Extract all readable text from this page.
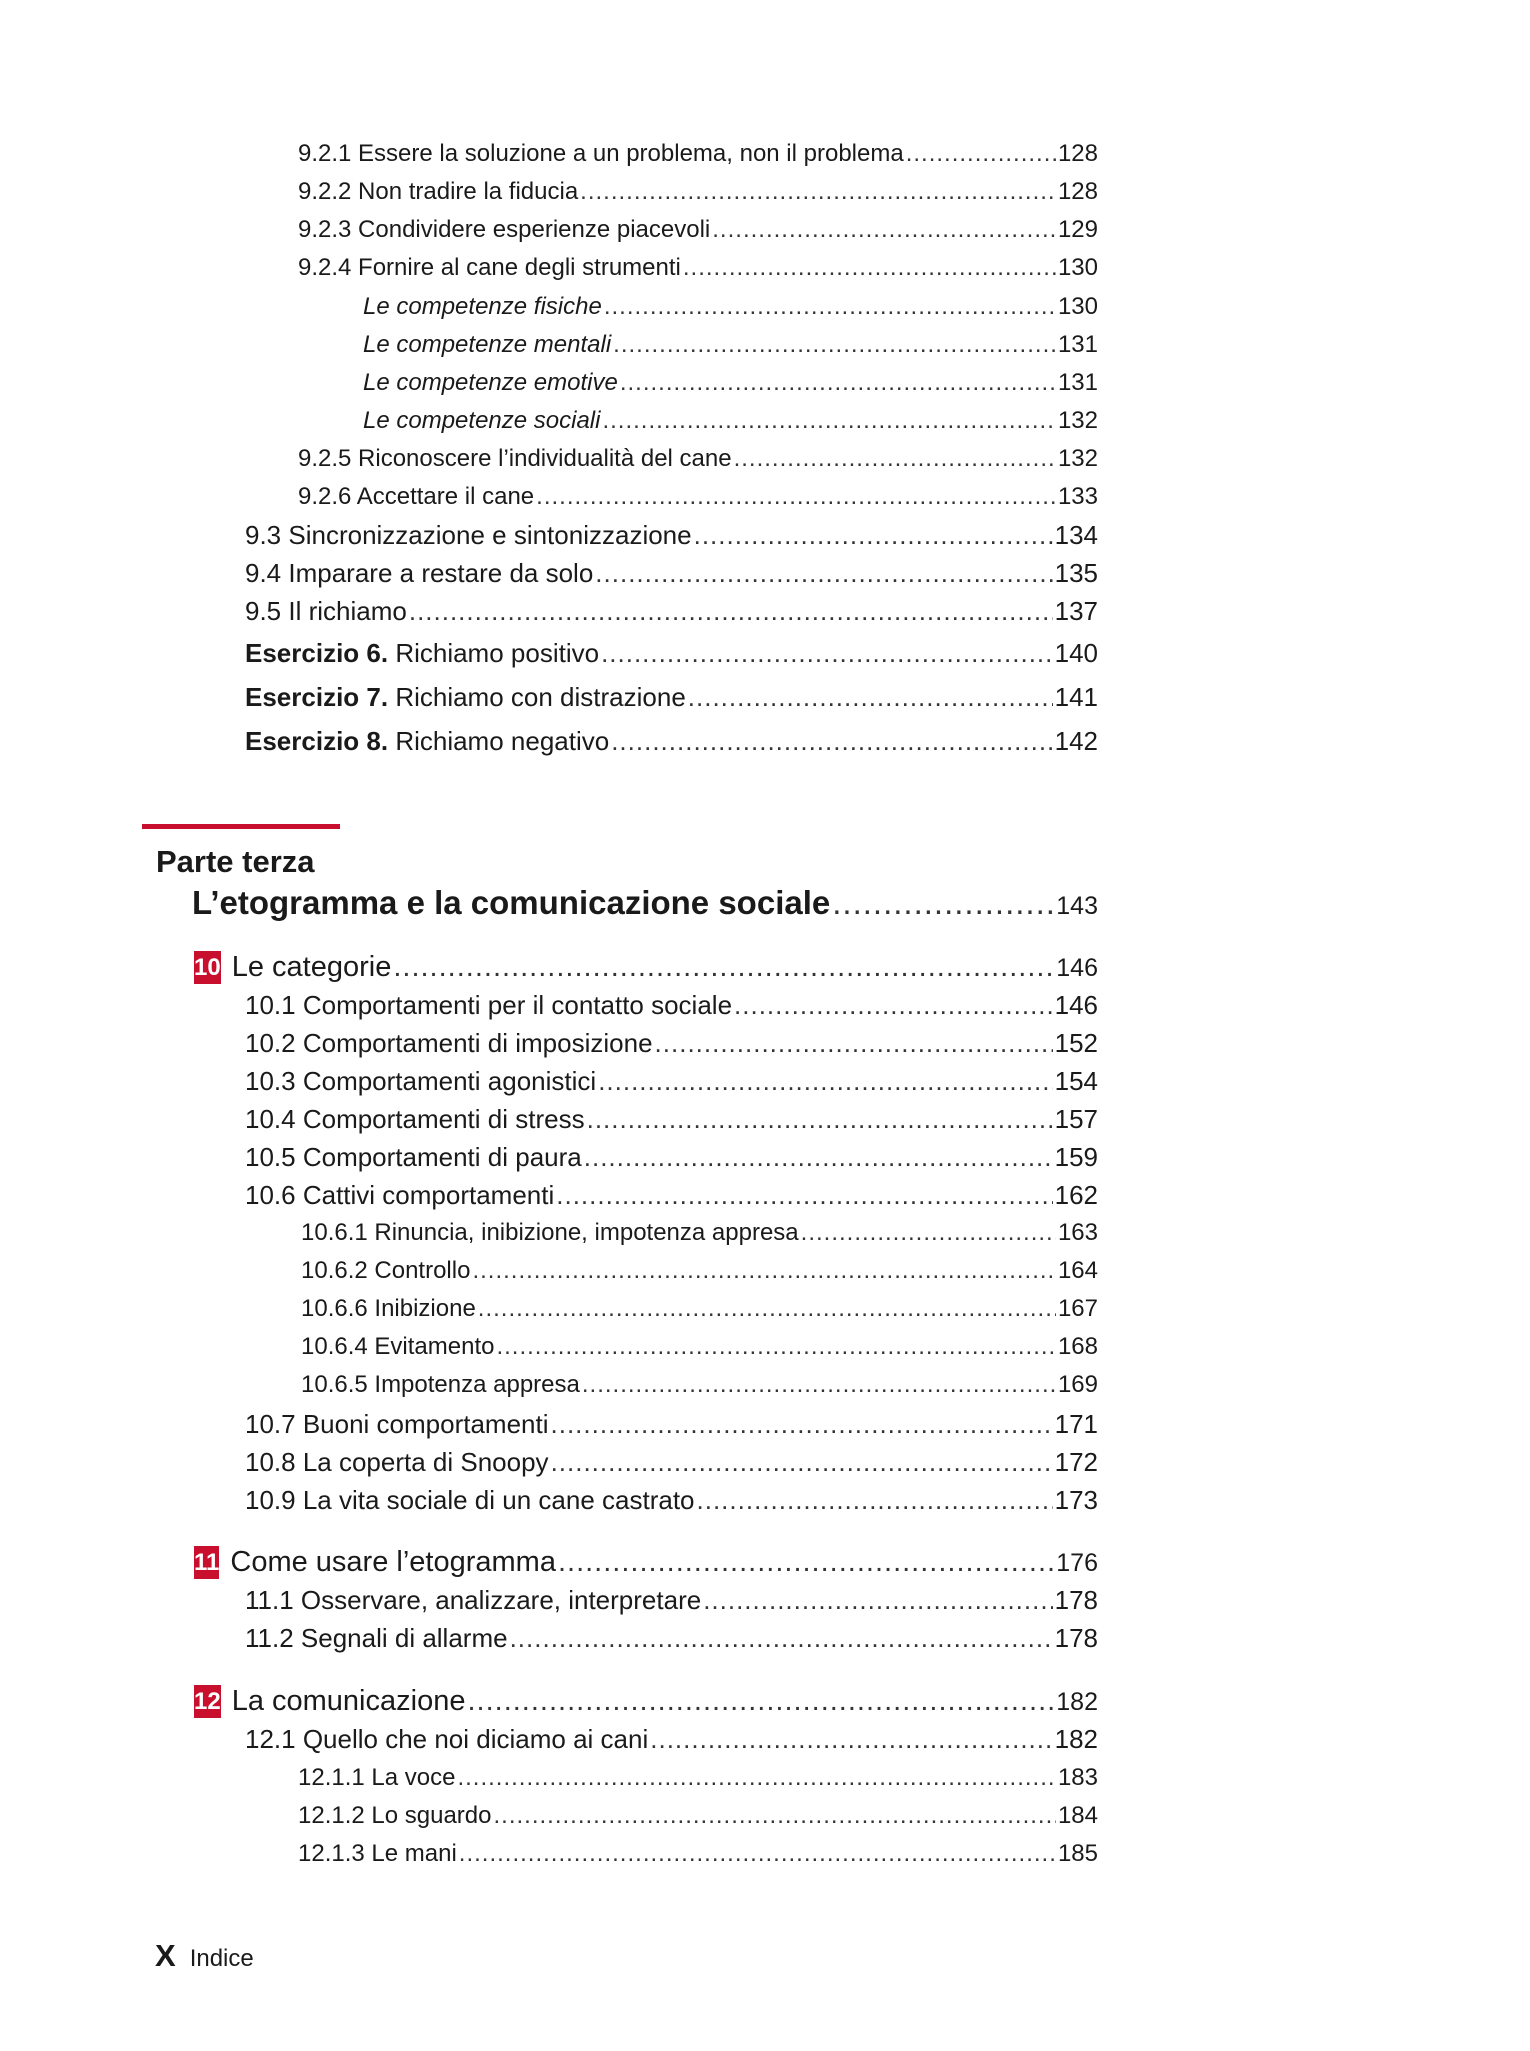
9.2.1 Essere la soluzione a un problema, non il problema .....	128
9.2.2 Non tradire la fiducia .....	128
9.2.3 Condividere esperienze piacevoli .....	129
9.2.4 Fornire al cane degli strumenti .....	130
Le competenze fisiche .....	130
Le competenze mentali .....	131
Le competenze emotive .....	131
Le competenze sociali .....	132
9.2.5 Riconoscere l’individualità del cane .....	132
9.2.6 Accettare il cane .....	133
9.3 Sincronizzazione e sintonizzazione .....	134
9.4 Imparare a restare da solo .....	135
9.5 Il richiamo .....	137
Esercizio 6. Richiamo positivo .....	140
Esercizio 7. Richiamo con distrazione .....	141
Esercizio 8. Richiamo negativo .....	142
Parte terza
L’etogramma e la comunicazione sociale .....	143
10 Le categorie .....	146
10.1 Comportamenti per il contatto sociale .....	146
10.2 Comportamenti di imposizione .....	152
10.3 Comportamenti agonistici .....	154
10.4 Comportamenti di stress .....	157
10.5 Comportamenti di paura .....	159
10.6 Cattivi comportamenti .....	162
10.6.1 Rinuncia, inibizione, impotenza appresa .....	163
10.6.2 Controllo .....	164
10.6.6 Inibizione .....	167
10.6.4 Evitamento .....	168
10.6.5 Impotenza appresa .....	169
10.7 Buoni comportamenti .....	171
10.8 La coperta di Snoopy .....	172
10.9 La vita sociale di un cane castrato .....	173
11 Come usare l’etogramma .....	176
11.1 Osservare, analizzare, interpretare .....	178
11.2 Segnali di allarme .....	178
12 La comunicazione .....	182
12.1 Quello che noi diciamo ai cani .....	182
12.1.1 La voce .....	183
12.1.2 Lo sguardo .....	184
12.1.3 Le mani .....	185
X Indice
